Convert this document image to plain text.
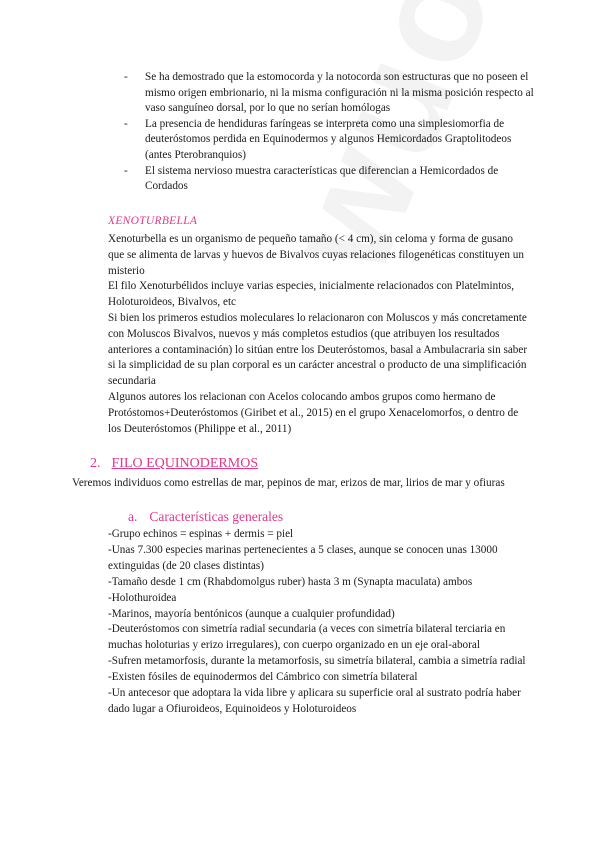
- Se ha demostrado que la estomocorda y la notocorda son estructuras que no poseen el mismo origen embrionario, ni la misma configuración ni la misma posición respecto al vaso sanguíneo dorsal, por lo que no serían homólogas
- La presencia de hendiduras faríngeas se interpreta como una simplesiomorfia de deuteróstomos perdida en Equinodermos y algunos Hemicordados Graptolitodeos (antes Pterobranquios)
- El sistema nervioso muestra características que diferencian a Hemicordados de Cordados
XENOTURBELLA

Xenoturbella es un organismo de pequeño tamaño (< 4 cm), sin celoma y forma de gusano que se alimenta de larvas y huevos de Bivalvos cuyas relaciones filogenéticas constituyen un misterio

El filo Xenoturbélidos incluye varias especies, inicialmente relacionados con Platelmintos, Holoturoideos, Bivalvos, etc

Si bien los primeros estudios moleculares lo relacionaron con Moluscos y más concretamente con Moluscos Bivalvos, nuevos y más completos estudios (que atribuyen los resultados anteriores a contaminación) lo sitúan entre los Deuteróstomos, basal a Ambulacraria sin saber si la simplicidad de su plan corporal es un carácter ancestral o producto de una simplificación secundaria

Algunos autores los relacionan con Acelos colocando ambos grupos como hermano de Protóstomos+Deuteróstomos (Giribet et al., 2015) en el grupo Xenacelomorfos, o dentro de los Deuteróstomos (Philippe et al., 2011)

2. FILO EQUINODERMOS

Veremos individuos como estrellas de mar, pepinos de mar, erizos de mar, lirios de mar y ofiuras

a. Características generales

-Grupo echinos = espinas + dermis = piel

-Unas 7.300 especies marinas pertenecientes a 5 clases, aunque se conocen unas 13000 extinguidas (de 20 clases distintas)

-Tamaño desde 1 cm (Rhabdomolgus ruber) hasta 3 m (Synapta maculata) ambos

-Holothuroidea

-Marinos, mayoría bentónicos (aunque a cualquier profundidad)

-Deuteróstomos con simetría radial secundaria (a veces con simetría bilateral terciaria en muchas holoturias y erizo irregulares), con cuerpo organizado en un eje oral-aboral

-Sufren metamorfosis, durante la metamorfosis, su simetría bilateral, cambia a simetría radial

-Existen fósiles de equinodermos del Cámbrico con simetría bilateral

-Un antecesor que adoptara la vida libre y aplicara su superficie oral al sustrato podría haber dado lugar a Ofiuroideos, Equinoideos y Holoturoideos
